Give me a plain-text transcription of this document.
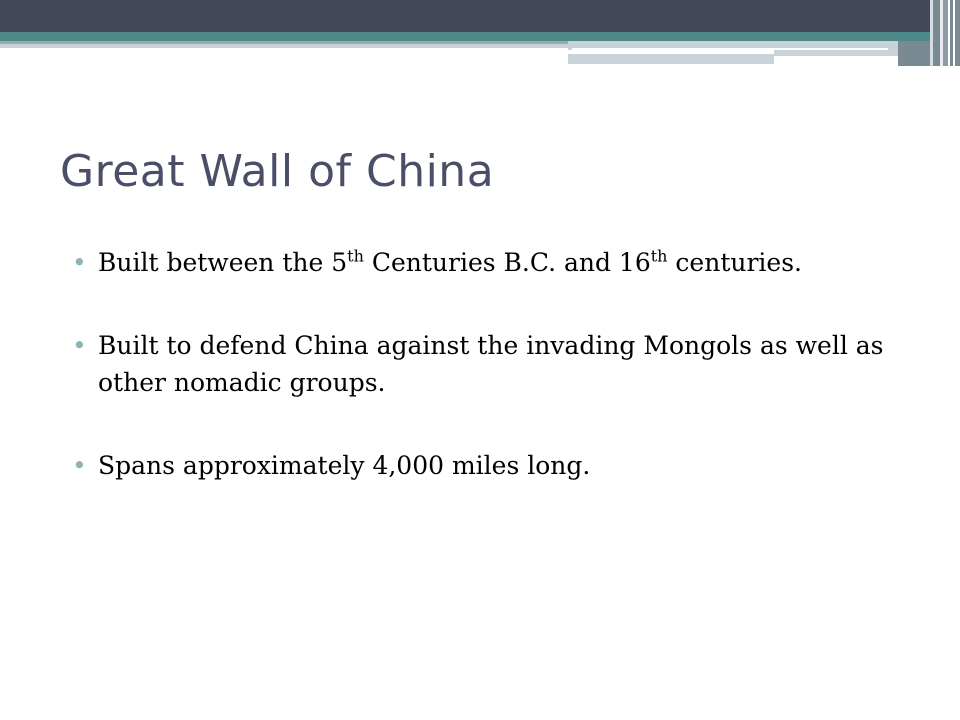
Great Wall of China
• Built between the 5th Centuries B.C. and 16th centuries.
• Built to defend China against the invading Mongols as well as other nomadic groups.
• Spans approximately 4,000 miles long.
